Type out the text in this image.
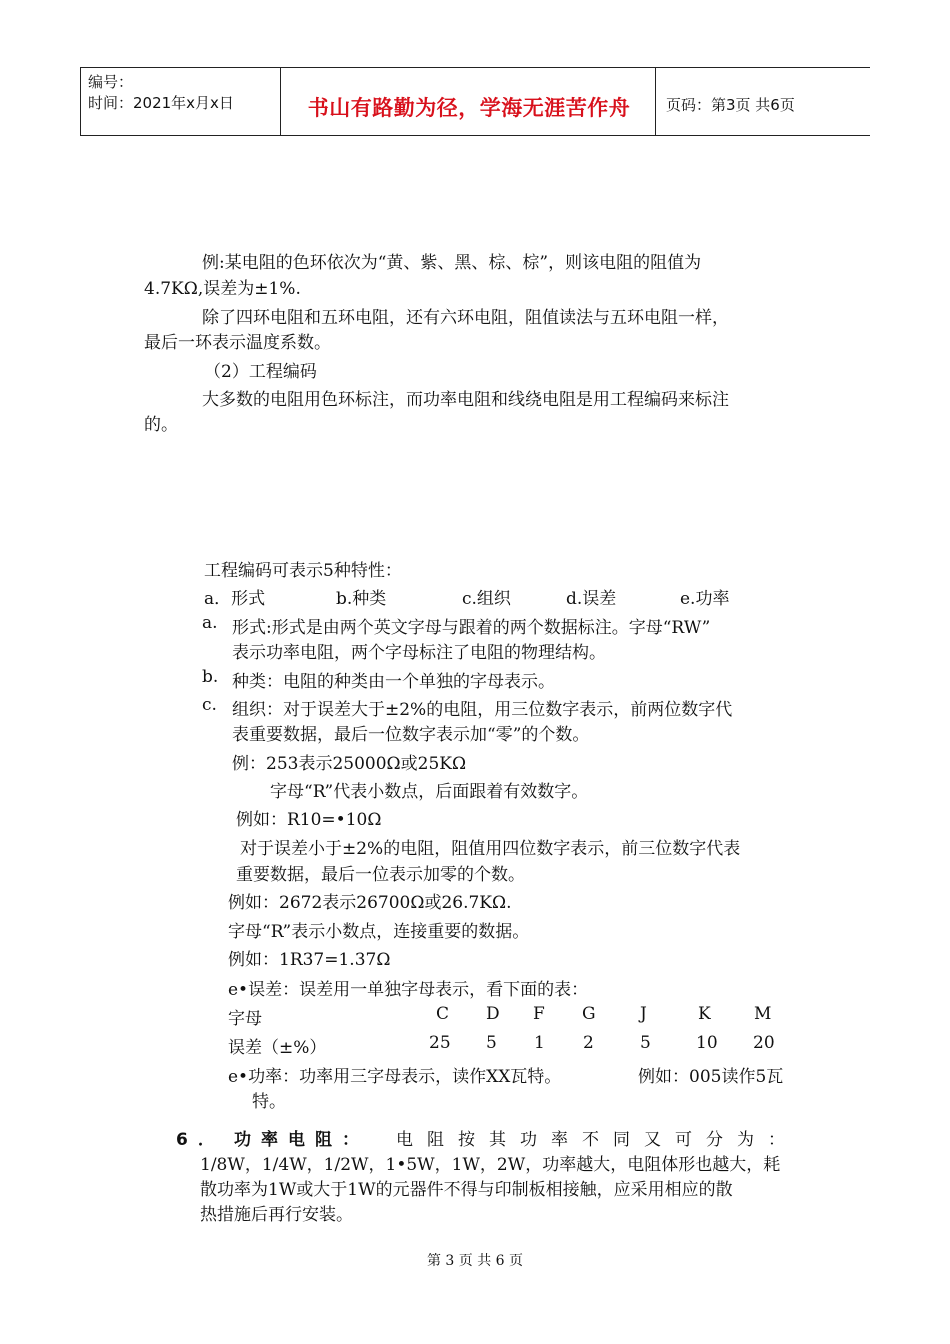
编号：
时间：2021年x月x日	书山有路勤为径，学海无涯苦作舟	页码：第3页 共6页
例:某电阻的色环依次为“黄、紫、黑、棕、棕”，则该电阻的阻值为
4.7KΩ,误差为±1%.
除了四环电阻和五环电阻，还有六环电阻，阻值读法与五环电阻一样，
最后一环表示温度系数。
（2）工程编码
大多数的电阻用色环标注，而功率电阻和线绕电阻是用工程编码来标注
的。
工程编码可表示5种特性：
a．形式	b.种类	c.组织	d.误差	e.功率
a. 形式:形式是由两个英文字母与跟着的两个数据标注。字母“RW”
表示功率电阻，两个字母标注了电阻的物理结构。
b. 种类：电阻的种类由一个单独的字母表示。
c. 组织：对于误差大于±2%的电阻，用三位数字表示，前两位数字代
表重要数据，最后一位数字表示加“零”的个数。
例：253表示25000Ω或25KΩ
字母“R”代表小数点，后面跟着有效数字。
例如：R10=•10Ω
对于误差小于±2%的电阻，阻值用四位数字表示，前三位数字代表
重要数据，最后一位表示加零的个数。
例如：2672表示26700Ω或26.7KΩ.
字母“R”表示小数点，连接重要的数据。
例如：1R37=1.37Ω
e•误差：误差用一单独字母表示，看下面的表：
字母	C D F G	J	K	M
误差（±%）	25 5 1 2	5	10 20
e•功率：功率用三字母表示，读作XX瓦特。	例如：005读作5瓦
特。
6． 功率电阻： 电阻按其功率不同又可分为：
1/8W，1/4W，1/2W，1•5W，1W，2W，功率越大，电阻体形也越大，耗
散功率为1W或大于1W的元器件不得与印制板相接触，应采用相应的散
热措施后再行安装。
第 3 页 共 6 页
